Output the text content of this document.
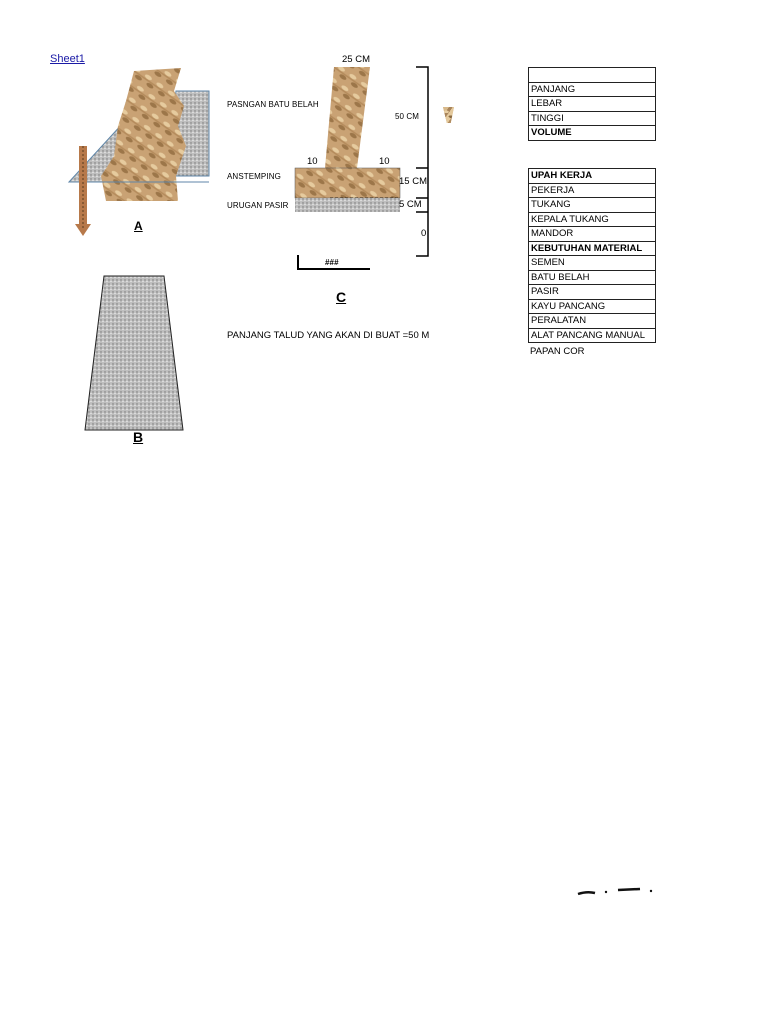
Sheet1
A
B
25 CM
50 CM
10	10
15 CM
5 CM
0
###
PASNGAN BATU BELAH
ANSTEMPING
URUGAN PASIR
C
PANJANG TALUD YANG AKAN DI BUAT =50 M

PANJANG
LEBAR
TINGGI
VOLUME
UPAH KERJA
PEKERJA
TUKANG
KEPALA TUKANG
MANDOR
KEBUTUHAN MATERIAL
SEMEN
BATU BELAH
PASIR
KAYU PANCANG
PERALATAN
ALAT PANCANG MANUAL
PAPAN COR
